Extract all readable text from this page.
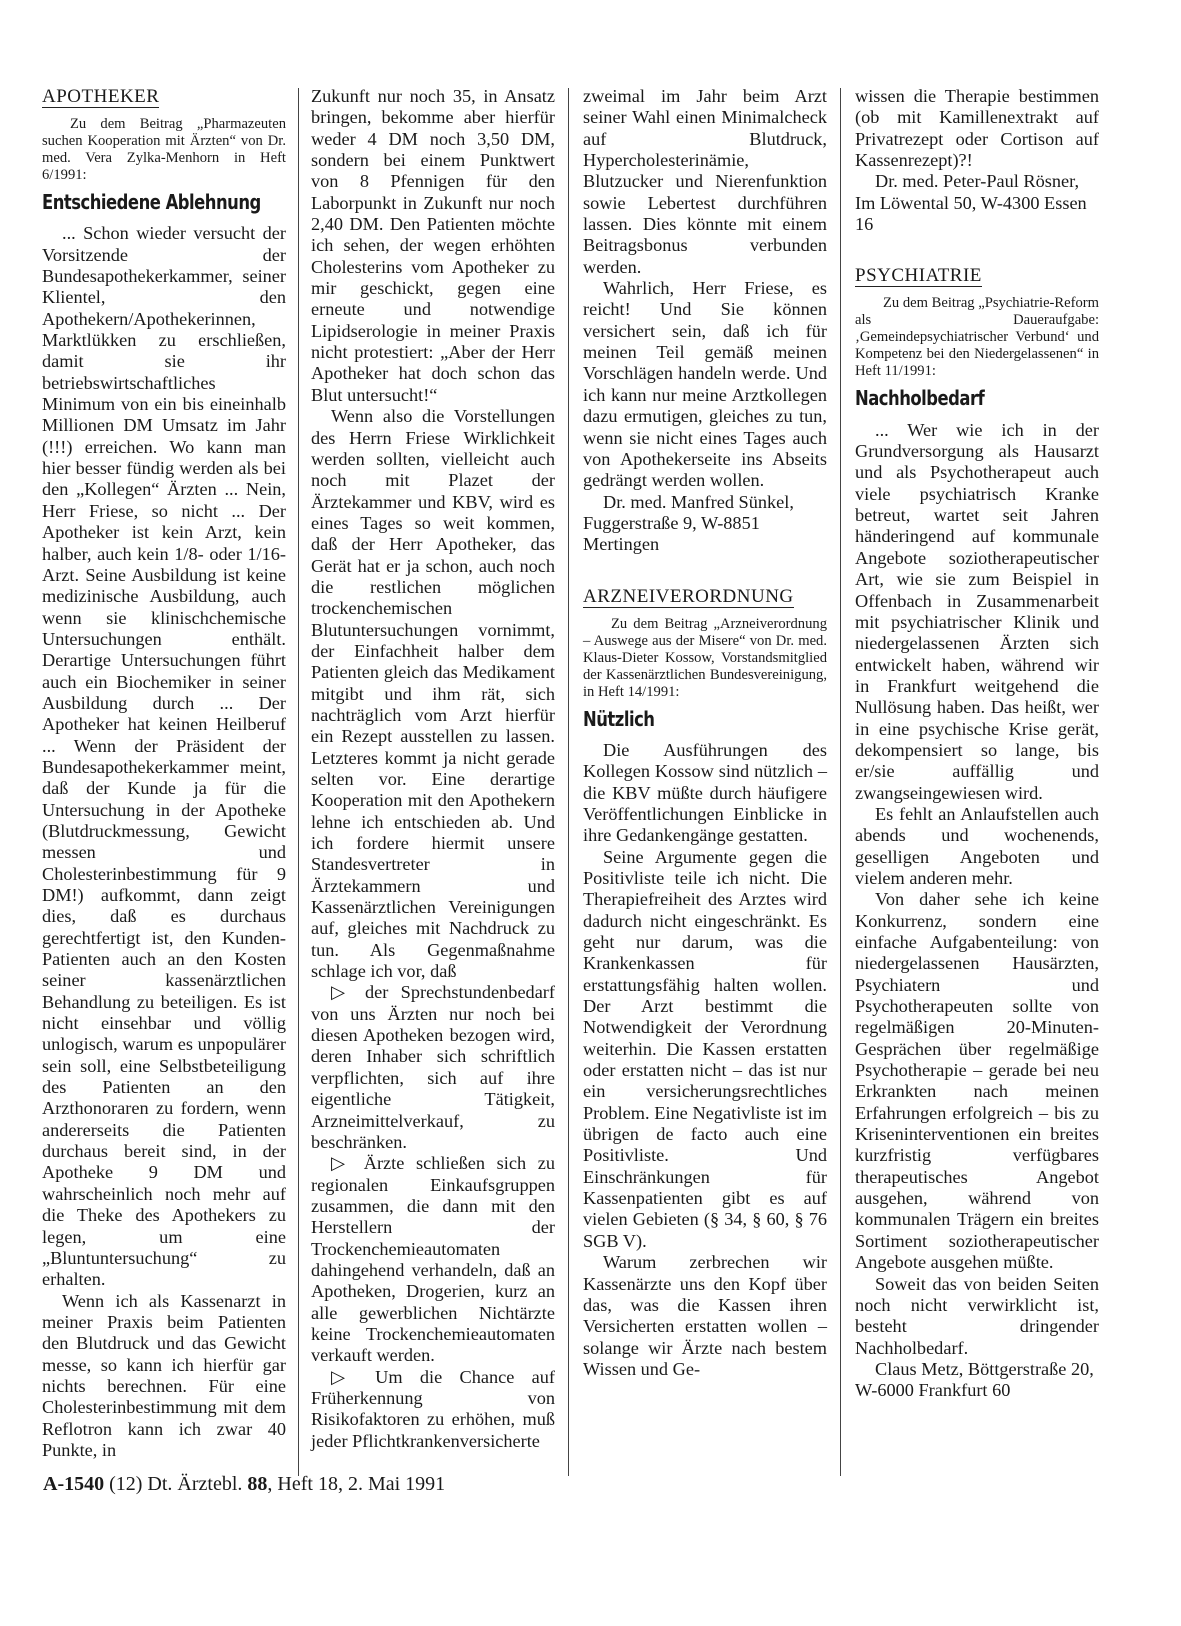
APOTHEKER

Zu dem Beitrag „Pharmazeuten suchen Kooperation mit Ärzten“ von Dr. med. Vera Zylka-Menhorn in Heft 6/1991:

Entschiedene Ablehnung

... Schon wieder versucht der Vorsitzende der Bundesapothekerkammer, seiner Klientel, den Apothekern/Apothekerinnen, Marktlükken zu erschließen, damit sie ihr betriebswirtschaftliches Minimum von ein bis eineinhalb Millionen DM Umsatz im Jahr (!!!) erreichen. Wo kann man hier besser fündig werden als bei den „Kollegen“ Ärzten ... Nein, Herr Friese, so nicht ... Der Apotheker ist kein Arzt, kein halber, auch kein 1/8- oder 1/16-Arzt. Seine Ausbildung ist keine medizinische Ausbildung, auch wenn sie klinischchemische Untersuchungen enthält. Derartige Untersuchungen führt auch ein Biochemiker in seiner Ausbildung durch ... Der Apotheker hat keinen Heilberuf ... Wenn der Präsident der Bundesapothekerkammer meint, daß der Kunde ja für die Untersuchung in der Apotheke (Blutdruckmessung, Gewicht messen und Cholesterinbestimmung für 9 DM!) aufkommt, dann zeigt dies, daß es durchaus gerechtfertigt ist, den Kunden-Patienten auch an den Kosten seiner kassenärztlichen Behandlung zu beteiligen. Es ist nicht einsehbar und völlig unlogisch, warum es unpopulärer sein soll, eine Selbstbeteiligung des Patienten an den Arzthonoraren zu fordern, wenn andererseits die Patienten durchaus bereit sind, in der Apotheke 9 DM und wahrscheinlich noch mehr auf die Theke des Apothekers zu legen, um eine „Bluntuntersuchung“ zu erhalten.

Wenn ich als Kassenarzt in meiner Praxis beim Patienten den Blutdruck und das Gewicht messe, so kann ich hierfür gar nichts berechnen. Für eine Cholesterinbestimmung mit dem Reflotron kann ich zwar 40 Punkte, in

Zukunft nur noch 35, in Ansatz bringen, bekomme aber hierfür weder 4 DM noch 3,50 DM, sondern bei einem Punktwert von 8 Pfennigen für den Laborpunkt in Zukunft nur noch 2,40 DM. Den Patienten möchte ich sehen, der wegen erhöhten Cholesterins vom Apotheker zu mir geschickt, gegen eine erneute und notwendige Lipidserologie in meiner Praxis nicht protestiert: „Aber der Herr Apotheker hat doch schon das Blut untersucht!“

Wenn also die Vorstellungen des Herrn Friese Wirklichkeit werden sollten, vielleicht auch noch mit Plazet der Ärztekammer und KBV, wird es eines Tages so weit kommen, daß der Herr Apotheker, das Gerät hat er ja schon, auch noch die restlichen möglichen trockenchemischen Blutuntersuchungen vornimmt, der Einfachheit halber dem Patienten gleich das Medikament mitgibt und ihm rät, sich nachträglich vom Arzt hierfür ein Rezept ausstellen zu lassen. Letzteres kommt ja nicht gerade selten vor. Eine derartige Kooperation mit den Apothekern lehne ich entschieden ab. Und ich fordere hiermit unsere Standesvertreter in Ärztekammern und Kassenärztlichen Vereinigungen auf, gleiches mit Nachdruck zu tun. Als Gegenmaßnahme schlage ich vor, daß

▷ der Sprechstundenbedarf von uns Ärzten nur noch bei diesen Apotheken bezogen wird, deren Inhaber sich schriftlich verpflichten, sich auf ihre eigentliche Tätigkeit, Arzneimittelverkauf, zu beschränken.

▷ Ärzte schließen sich zu regionalen Einkaufsgruppen zusammen, die dann mit den Herstellern der Trockenchemieautomaten dahingehend verhandeln, daß an Apotheken, Drogerien, kurz an alle gewerblichen Nichtärzte keine Trockenchemieautomaten verkauft werden.

▷ Um die Chance auf Früherkennung von Risikofaktoren zu erhöhen, muß jeder Pflichtkrankenversicherte

zweimal im Jahr beim Arzt seiner Wahl einen Minimalcheck auf Blutdruck, Hypercholesterinämie, Blutzucker und Nierenfunktion sowie Lebertest durchführen lassen. Dies könnte mit einem Beitragsbonus verbunden werden.

Wahrlich, Herr Friese, es reicht! Und Sie können versichert sein, daß ich für meinen Teil gemäß meinen Vorschlägen handeln werde. Und ich kann nur meine Arztkollegen dazu ermutigen, gleiches zu tun, wenn sie nicht eines Tages auch von Apothekerseite ins Abseits gedrängt werden wollen.

Dr. med. Manfred Sünkel, Fuggerstraße 9, W-8851 Mertingen

ARZNEIVERORDNUNG

Zu dem Beitrag „Arzneiverordnung – Auswege aus der Misere“ von Dr. med. Klaus-Dieter Kossow, Vorstandsmitglied der Kassenärztlichen Bundesvereinigung, in Heft 14/1991:

Nützlich

Die Ausführungen des Kollegen Kossow sind nützlich – die KBV müßte durch häufigere Veröffentlichungen Einblicke in ihre Gedankengänge gestatten.

Seine Argumente gegen die Positivliste teile ich nicht. Die Therapiefreiheit des Arztes wird dadurch nicht eingeschränkt. Es geht nur darum, was die Krankenkassen für erstattungsfähig halten wollen. Der Arzt bestimmt die Notwendigkeit der Verordnung weiterhin. Die Kassen erstatten oder erstatten nicht – das ist nur ein versicherungsrechtliches Problem. Eine Negativliste ist im übrigen de facto auch eine Positivliste. Und Einschränkungen für Kassenpatienten gibt es auf vielen Gebieten (§ 34, § 60, § 76 SGB V).

Warum zerbrechen wir Kassenärzte uns den Kopf über das, was die Kassen ihren Versicherten erstatten wollen – solange wir Ärzte nach bestem Wissen und Ge-

wissen die Therapie bestimmen (ob mit Kamillenextrakt auf Privatrezept oder Cortison auf Kassenrezept)?!

Dr. med. Peter-Paul Rösner, Im Löwental 50, W-4300 Essen 16

PSYCHIATRIE

Zu dem Beitrag „Psychiatrie-Reform als Daueraufgabe: ‚Gemeindepsychiatrischer Verbund‘ und Kompetenz bei den Niedergelassenen“ in Heft 11/1991:

Nachholbedarf

... Wer wie ich in der Grundversorgung als Hausarzt und als Psychotherapeut auch viele psychiatrisch Kranke betreut, wartet seit Jahren händeringend auf kommunale Angebote soziotherapeutischer Art, wie sie zum Beispiel in Offenbach in Zusammenarbeit mit psychiatrischer Klinik und niedergelassenen Ärzten sich entwickelt haben, während wir in Frankfurt weitgehend die Nullösung haben. Das heißt, wer in eine psychische Krise gerät, dekompensiert so lange, bis er/sie auffällig und zwangseingewiesen wird.

Es fehlt an Anlaufstellen auch abends und wochenends, geselligen Angeboten und vielem anderen mehr.

Von daher sehe ich keine Konkurrenz, sondern eine einfache Aufgabenteilung: von niedergelassenen Hausärzten, Psychiatern und Psychotherapeuten sollte von regelmäßigen 20-Minuten-Gesprächen über regelmäßige Psychotherapie – gerade bei neu Erkrankten nach meinen Erfahrungen erfolgreich – bis zu Kriseninterventionen ein breites kurzfristig verfügbares therapeutisches Angebot ausgehen, während von kommunalen Trägern ein breites Sortiment soziotherapeutischer Angebote ausgehen müßte.

Soweit das von beiden Seiten noch nicht verwirklicht ist, besteht dringender Nachholbedarf.

Claus Metz, Böttgerstraße 20, W-6000 Frankfurt 60

A-1540 (12) Dt. Ärztebl. 88, Heft 18, 2. Mai 1991
